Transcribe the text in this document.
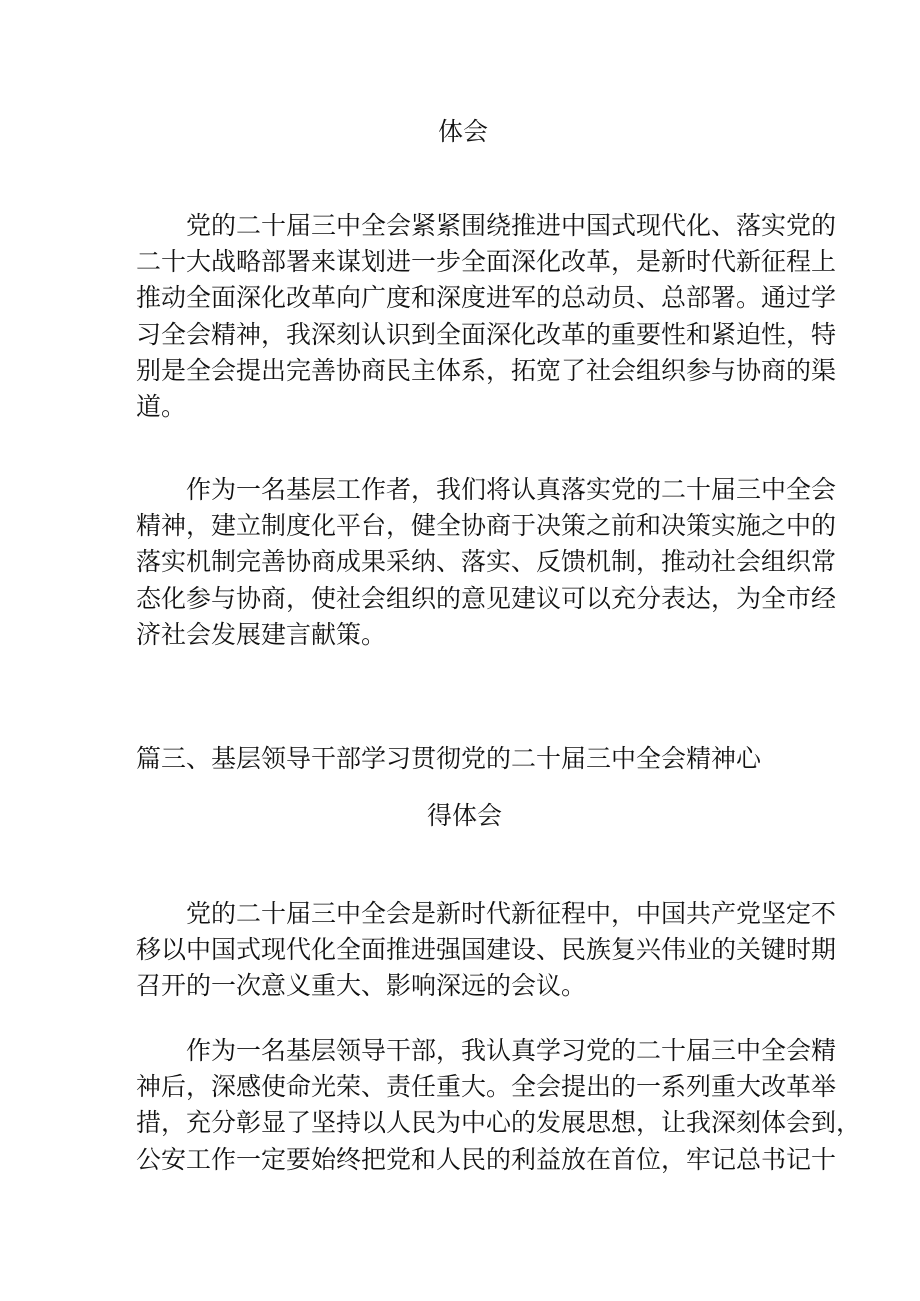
体会
党的二十届三中全会紧紧围绕推进中国式现代化、落实党的
二十大战略部署来谋划进一步全面深化改革，是新时代新征程上
推动全面深化改革向广度和深度进军的总动员、总部署。通过学
习全会精神，我深刻认识到全面深化改革的重要性和紧迫性，特
别是全会提出完善协商民主体系，拓宽了社会组织参与协商的渠
道。
作为一名基层工作者，我们将认真落实党的二十届三中全会
精神，建立制度化平台，健全协商于决策之前和决策实施之中的
落实机制完善协商成果采纳、落实、反馈机制，推动社会组织常
态化参与协商，使社会组织的意见建议可以充分表达，为全市经
济社会发展建言献策。
篇三、基层领导干部学习贯彻党的二十届三中全会精神心
得体会
党的二十届三中全会是新时代新征程中，中国共产党坚定不
移以中国式现代化全面推进强国建设、民族复兴伟业的关键时期
召开的一次意义重大、影响深远的会议。
作为一名基层领导干部，我认真学习党的二十届三中全会精
神后，深感使命光荣、责任重大。全会提出的一系列重大改革举
措，充分彰显了坚持以人民为中心的发展思想，让我深刻体会到，
公安工作一定要始终把党和人民的利益放在首位，牢记总书记十
